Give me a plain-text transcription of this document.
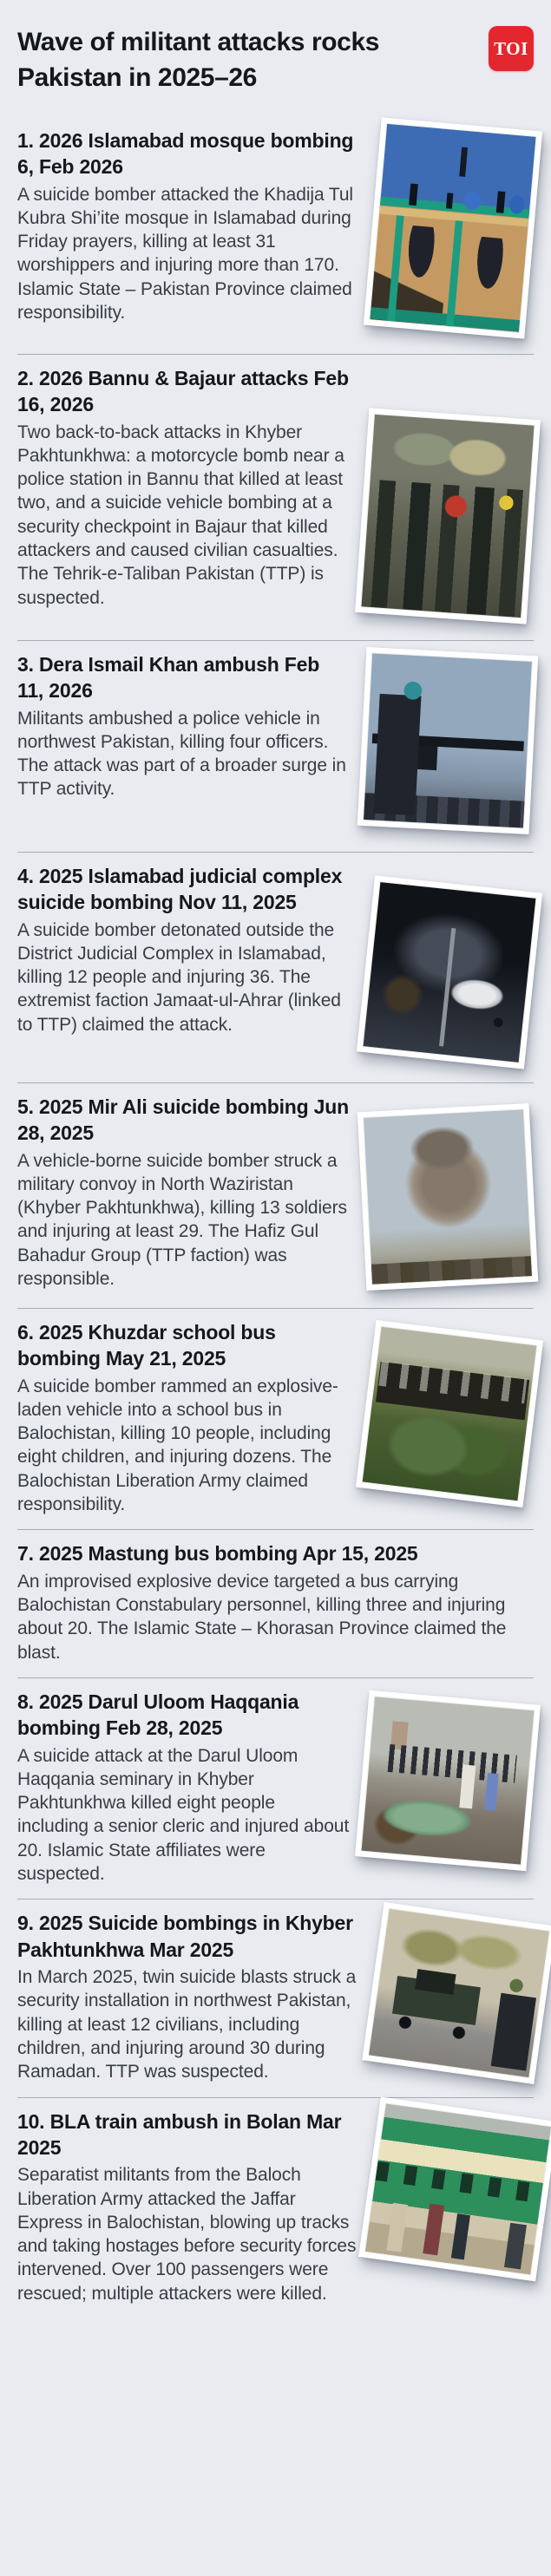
Wave of militant attacks rocks Pakistan in 2025–26
TOI
1. 2026 Islamabad mosque bombing 6, Feb 2026

A suicide bomber attacked the Khadija Tul Kubra Shi’ite mosque in Islamabad during Friday prayers, killing at least 31 worshippers and injuring more than 170. Islamic State – Pakistan Province claimed responsibility.

2. 2026 Bannu & Bajaur attacks Feb 16, 2026

Two back-to-back attacks in Khyber Pakhtunkhwa: a motorcycle bomb near a police station in Bannu that killed at least two, and a suicide vehicle bombing at a security checkpoint in Bajaur that killed attackers and caused civilian casualties. The Tehrik-e-Taliban Pakistan (TTP) is suspected.

3. Dera Ismail Khan ambush Feb 11, 2026

Militants ambushed a police vehicle in northwest Pakistan, killing four officers. The attack was part of a broader surge in TTP activity.

4. 2025 Islamabad judicial complex suicide bombing Nov 11, 2025

A suicide bomber detonated outside the District Judicial Complex in Islamabad, killing 12 people and injuring 36. The extremist faction Jamaat-ul-Ahrar (linked to TTP) claimed the attack.

5. 2025 Mir Ali suicide bombing Jun 28, 2025

A vehicle-borne suicide bomber struck a military convoy in North Waziristan (Khyber Pakhtunkhwa), killing 13 soldiers and injuring at least 29. The Hafiz Gul Bahadur Group (TTP faction) was responsible.

6. 2025 Khuzdar school bus bombing May 21, 2025

A suicide bomber rammed an explosive-laden vehicle into a school bus in Balochistan, killing 10 people, including eight children, and injuring dozens. The Balochistan Liberation Army claimed responsibility.

7. 2025 Mastung bus bombing Apr 15, 2025

An improvised explosive device targeted a bus carrying Balochistan Constabulary personnel, killing three and injuring about 20. The Islamic State – Khorasan Province claimed the blast.

8. 2025 Darul Uloom Haqqania bombing Feb 28, 2025

A suicide attack at the Darul Uloom Haqqania seminary in Khyber Pakhtunkhwa killed eight people including a senior cleric and injured about 20. Islamic State affiliates were suspected.

9. 2025 Suicide bombings in Khyber Pakhtunkhwa Mar 2025

In March 2025, twin suicide blasts struck a security installation in northwest Pakistan, killing at least 12 civilians, including children, and injuring around 30 during Ramadan. TTP was suspected.

10. BLA train ambush in Bolan Mar 2025

Separatist militants from the Baloch Liberation Army attacked the Jaffar Express in Balochistan, blowing up tracks and taking hostages before security forces intervened. Over 100 passengers were rescued; multiple attackers were killed.
